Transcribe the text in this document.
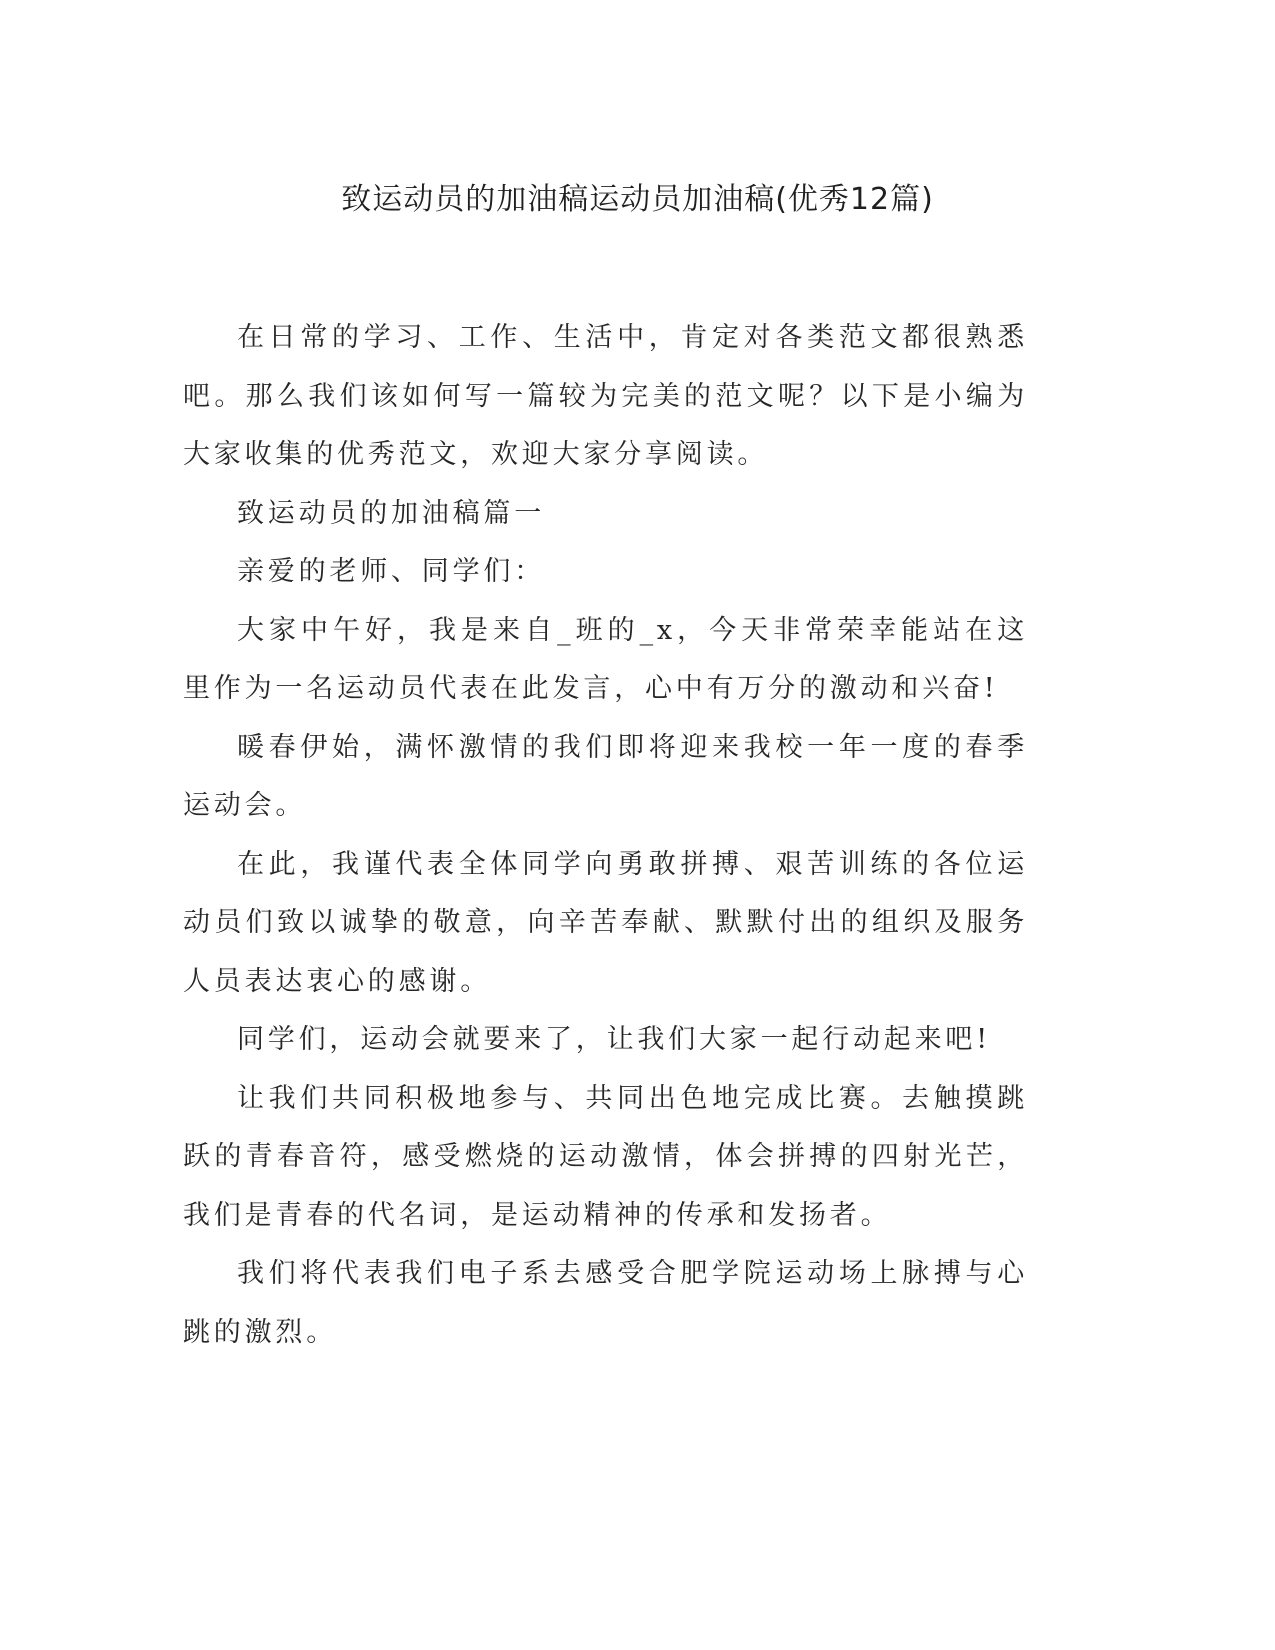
致运动员的加油稿运动员加油稿(优秀12篇)

在日常的学习、工作、生活中，肯定对各类范文都很熟悉吧。那么我们该如何写一篇较为完美的范文呢？以下是小编为大家收集的优秀范文，欢迎大家分享阅读。

致运动员的加油稿篇一

亲爱的老师、同学们：

大家中午好，我是来自_班的_x，今天非常荣幸能站在这里作为一名运动员代表在此发言，心中有万分的激动和兴奋!

暖春伊始，满怀激情的我们即将迎来我校一年一度的春季运动会。

在此，我谨代表全体同学向勇敢拼搏、艰苦训练的各位运动员们致以诚挚的敬意，向辛苦奉献、默默付出的组织及服务人员表达衷心的感谢。

同学们，运动会就要来了，让我们大家一起行动起来吧!

让我们共同积极地参与、共同出色地完成比赛。去触摸跳跃的青春音符，感受燃烧的运动激情，体会拼搏的四射光芒，我们是青春的代名词，是运动精神的传承和发扬者。

我们将代表我们电子系去感受合肥学院运动场上脉搏与心跳的激烈。
